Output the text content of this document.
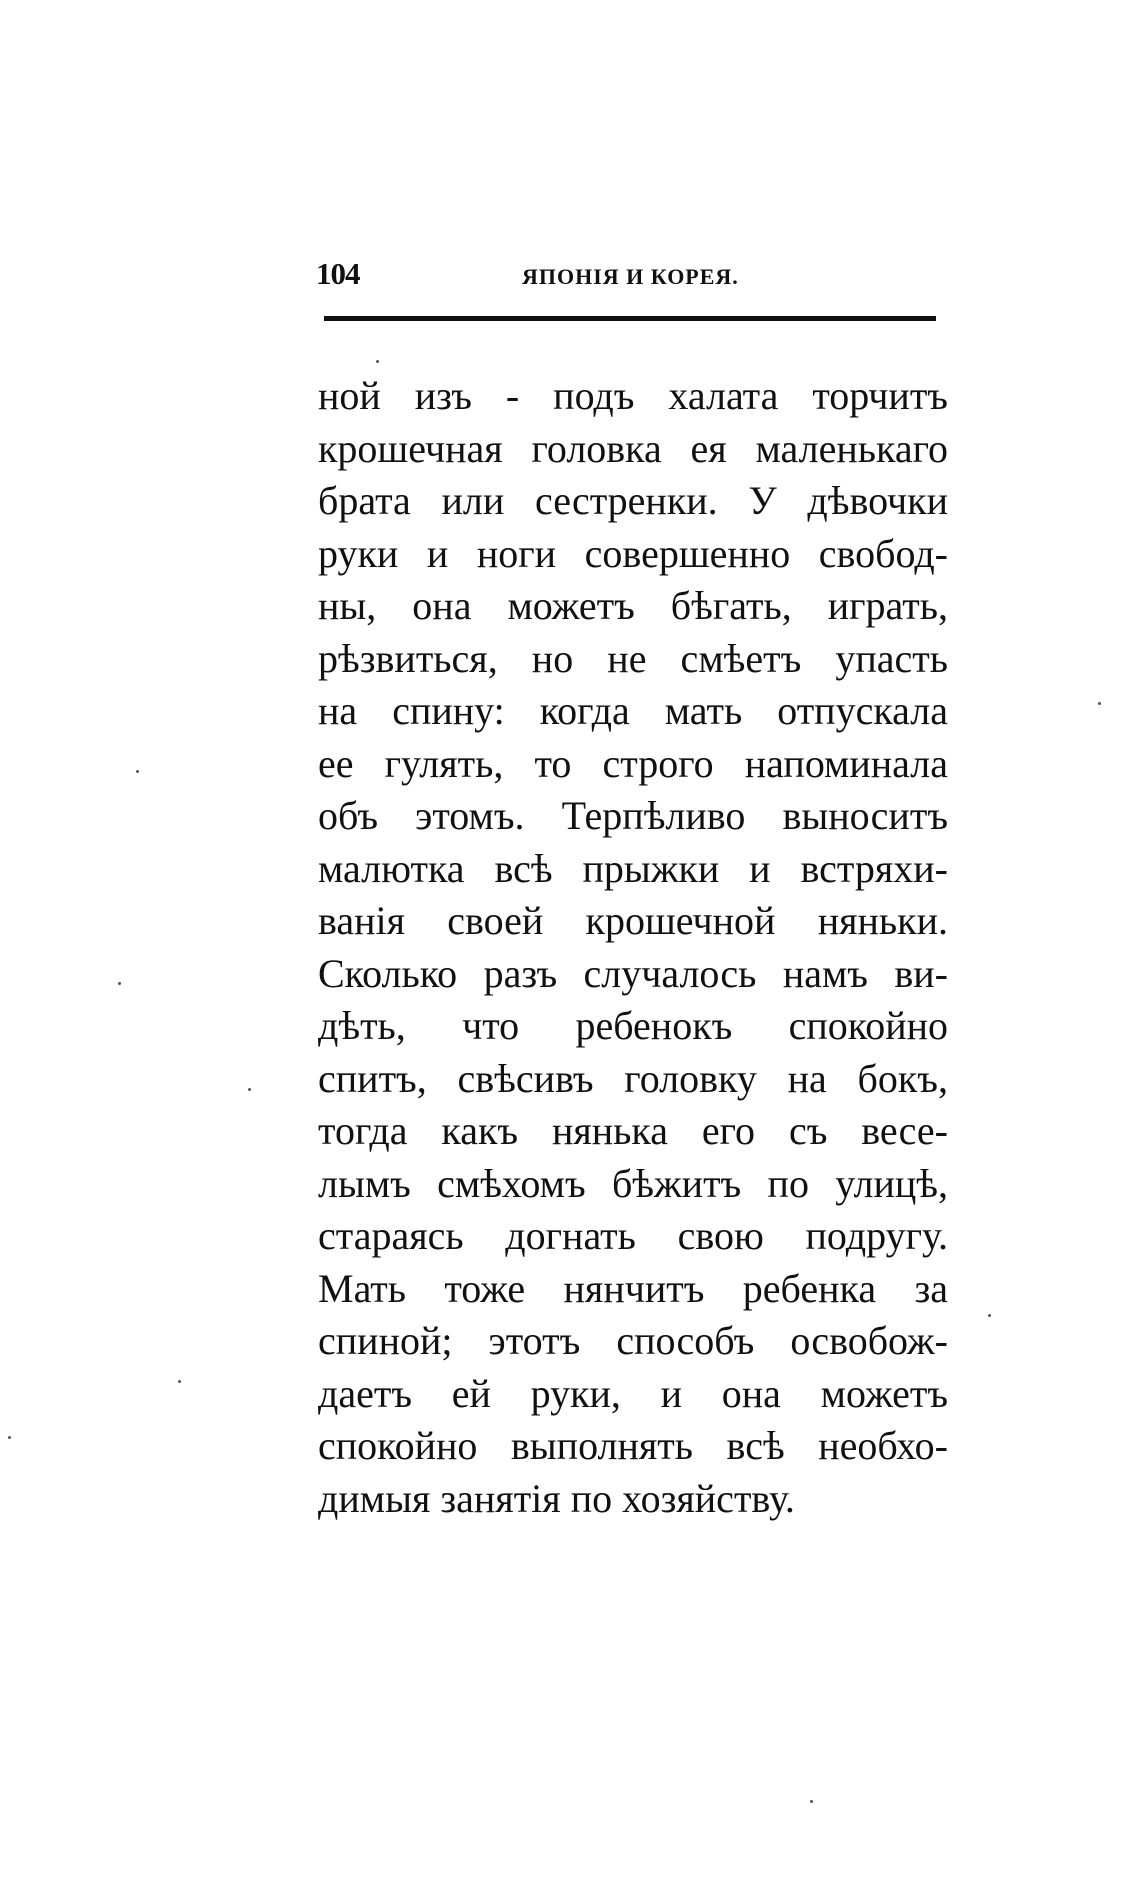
104	ЯПОНІЯ И КОРЕЯ.
ной изъ - подъ халата торчитъ
крошечная головка ея маленькаго
брата или сестренки. У дѣвочки
руки и ноги совершенно свобод-
ны, она можетъ бѣгать, играть,
рѣзвиться, но не смѣетъ упасть
на спину: когда мать отпускала
ее гулять, то строго напоминала
объ этомъ. Терпѣливо выноситъ
малютка всѣ прыжки и встряхи-
ванія своей крошечной няньки.
Сколько разъ случалось намъ ви-
дѣть, что ребенокъ спокойно
спитъ, свѣсивъ головку на бокъ,
тогда какъ нянька его съ весе-
лымъ смѣхомъ бѣжитъ по улицѣ,
стараясь догнать свою подругу.
Мать тоже нянчитъ ребенка за
спиной; этотъ способъ освобож-
даетъ ей руки, и она можетъ
спокойно выполнять всѣ необхо-
димыя занятія по хозяйству.
